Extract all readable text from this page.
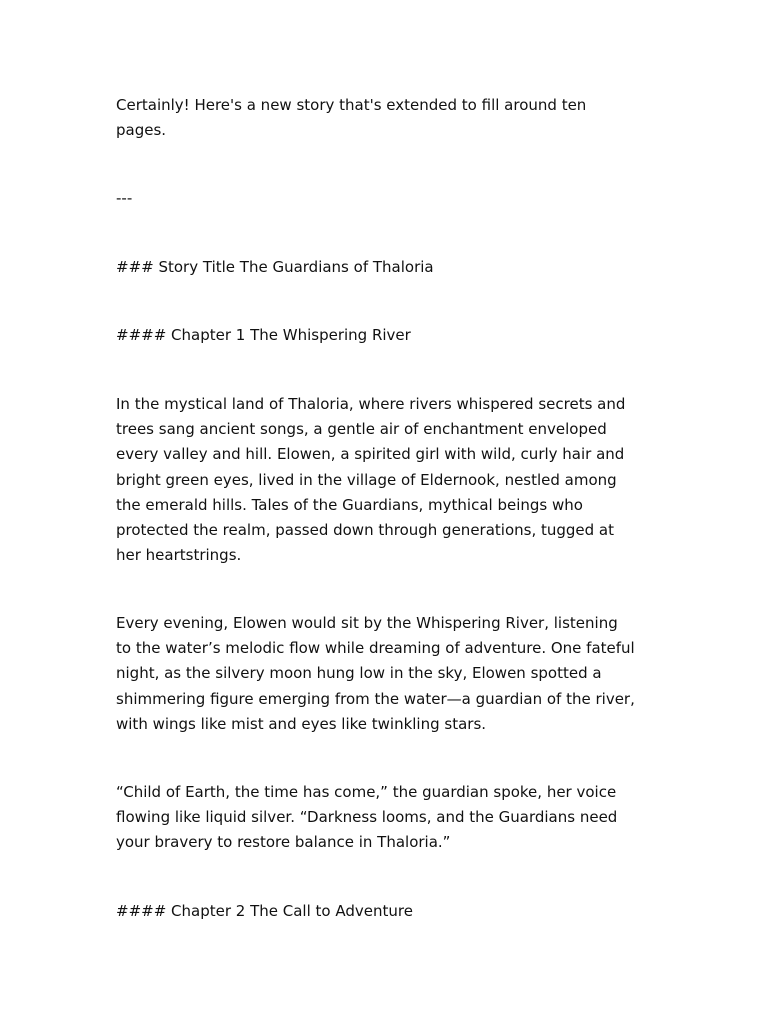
Certainly! Here's a new story that's extended to fill around ten
pages.
---
### Story Title The Guardians of Thaloria
#### Chapter 1 The Whispering River
In the mystical land of Thaloria, where rivers whispered secrets and
trees sang ancient songs, a gentle air of enchantment enveloped
every valley and hill. Elowen, a spirited girl with wild, curly hair and
bright green eyes, lived in the village of Eldernook, nestled among
the emerald hills. Tales of the Guardians, mythical beings who
protected the realm, passed down through generations, tugged at
her heartstrings.
Every evening, Elowen would sit by the Whispering River, listening
to the water’s melodic flow while dreaming of adventure. One fateful
night, as the silvery moon hung low in the sky, Elowen spotted a
shimmering figure emerging from the water—a guardian of the river,
with wings like mist and eyes like twinkling stars.
“Child of Earth, the time has come,” the guardian spoke, her voice
flowing like liquid silver. “Darkness looms, and the Guardians need
your bravery to restore balance in Thaloria.”
#### Chapter 2 The Call to Adventure
